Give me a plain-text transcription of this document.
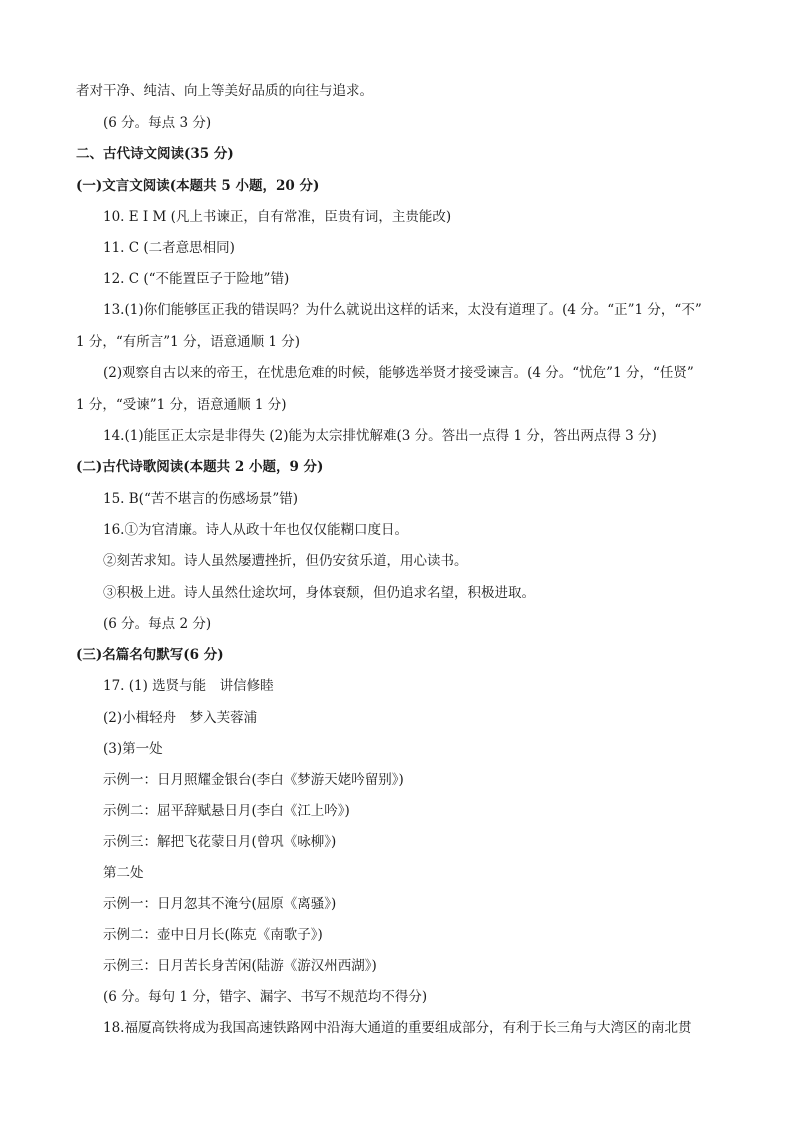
者对干净、纯洁、向上等美好品质的向往与追求。
(6 分。每点 3 分)
二、古代诗文阅读(35 分)
(一)文言文阅读(本题共 5 小题，20 分)
10. E I M (凡上书谏正，自有常准，臣贵有词，主贵能改)
11. C (二者意思相同)
12. C (“不能置臣子于险地”错)
13.(1)你们能够匡正我的错误吗？为什么就说出这样的话来，太没有道理了。(4 分。“正”1 分，“不”
1 分，“有所言”1 分，语意通顺 1 分)
(2)观察自古以来的帝王，在忧患危难的时候，能够选举贤才接受谏言。(4 分。“忧危”1 分，“任贤”
1 分，“受谏”1 分，语意通顺 1 分)
14.(1)能匡正太宗是非得失 (2)能为太宗排忧解难(3 分。答出一点得 1 分，答出两点得 3 分)
(二)古代诗歌阅读(本题共 2 小题，9 分)
15. B(“苦不堪言的伤感场景”错)
16.①为官清廉。诗人从政十年也仅仅能糊口度日。
②刻苦求知。诗人虽然屡遭挫折，但仍安贫乐道，用心读书。
③积极上进。诗人虽然仕途坎坷，身体衰颓，但仍追求名望，积极进取。
(6 分。每点 2 分)
(三)名篇名句默写(6 分)
17. (1) 选贤与能　讲信修睦
(2)小楫轻舟　梦入芙蓉浦
(3)第一处
示例一：日月照耀金银台(李白《梦游天姥吟留别》)
示例二：屈平辞赋悬日月(李白《江上吟》)
示例三：解把飞花蒙日月(曾巩《咏柳》)
第二处
示例一：日月忽其不淹兮(屈原《离骚》)
示例二：壶中日月长(陈克《南歌子》)
示例三：日月苦长身苦闲(陆游《游汉州西湖》)
(6 分。每句 1 分，错字、漏字、书写不规范均不得分)
18.福厦高铁将成为我国高速铁路网中沿海大通道的重要组成部分，有利于长三角与大湾区的南北贯
